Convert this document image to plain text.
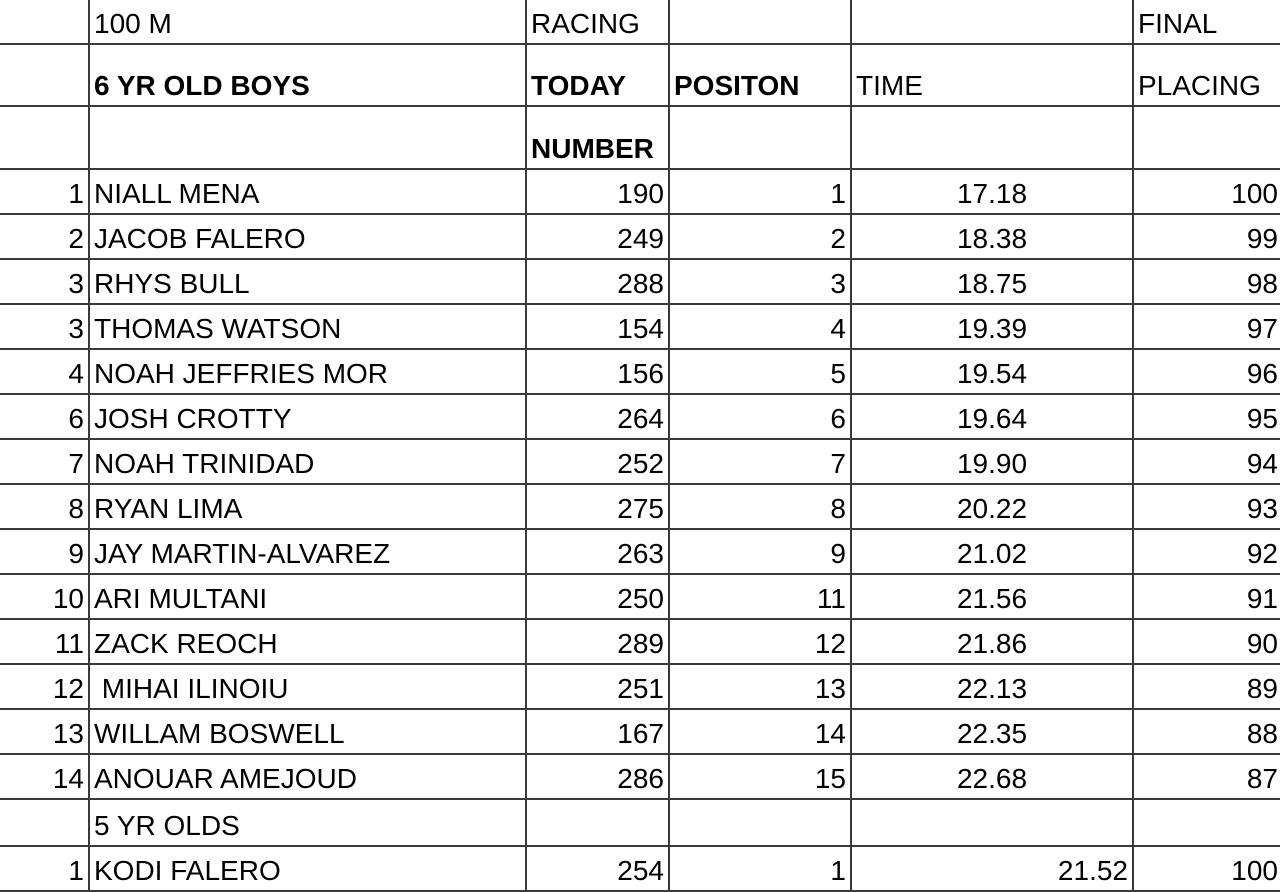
	100 M	RACING			FINAL
	6 YR OLD BOYS	TODAY	POSITON	TIME	PLACING
		NUMBER			
1	NIALL MENA	190	1	17.18	100
2	JACOB FALERO	249	2	18.38	99
3	RHYS BULL	288	3	18.75	98
3	THOMAS WATSON	154	4	19.39	97
4	NOAH JEFFRIES MOR	156	5	19.54	96
6	JOSH CROTTY	264	6	19.64	95
7	NOAH TRINIDAD	252	7	19.90	94
8	RYAN LIMA	275	8	20.22	93
9	JAY MARTIN-ALVAREZ	263	9	21.02	92
10	ARI MULTANI	250	11	21.56	91
11	ZACK REOCH	289	12	21.86	90
12	MIHAI ILINOIU	251	13	22.13	89
13	WILLAM BOSWELL	167	14	22.35	88
14	ANOUAR AMEJOUD	286	15	22.68	87
	5 YR OLDS				
1	KODI FALERO	254	1	21.52	100
